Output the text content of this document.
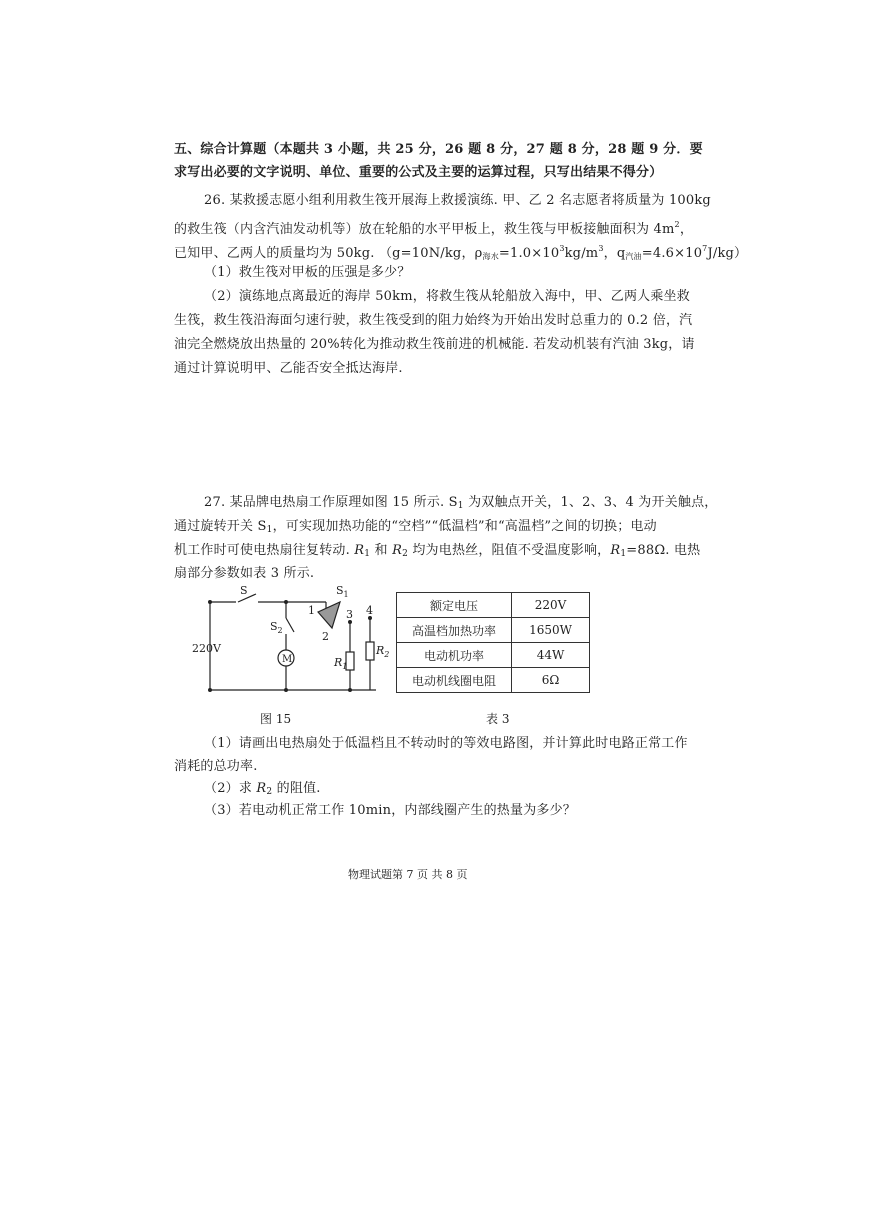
五、综合计算题（本题共 3 小题，共 25 分，26 题 8 分，27 题 8 分，28 题 9 分．要
求写出必要的文字说明、单位、重要的公式及主要的运算过程，只写出结果不得分）
26. 某救援志愿小组利用救生筏开展海上救援演练. 甲、乙 2 名志愿者将质量为 100kg
的救生筏（内含汽油发动机等）放在轮船的水平甲板上，救生筏与甲板接触面积为 $4m^2$，
已知甲、乙两人的质量均为 50kg. （g=10N/kg，$\rho_{海水}=1.0\times 10^3kg/m^3$，$q_{汽油}=4.6\times 10^7J/kg$）
（1）救生筏对甲板的压强是多少？
（2）演练地点离最近的海岸 50km，将救生筏从轮船放入海中，甲、乙两人乘坐救
生筏，救生筏沿海面匀速行驶，救生筏受到的阻力始终为开始出发时总重力的 0.2 倍，汽
油完全燃烧放出热量的 20%转化为推动救生筏前进的机械能. 若发动机装有汽油 3kg，请
通过计算说明甲、乙能否安全抵达海岸.
27. 某品牌电热扇工作原理如图 15 所示. $S_1$ 为双触点开关，1、2、3、4 为开关触点，
通过旋转开关 $S_1$，可实现加热功能的“空档”“低温档”和“高温档”之间的切换；电动
机工作时可使电热扇往复转动. $R_1$ 和 $R_2$ 均为电热丝，阻值不受温度影响，$R_1=88\Omega$. 电热
扇部分参数如表 3 所示.
S	$S_1$
$S_2$
M
220V
1
2
3 4
$R_1$
$R_2$
额定电压	220V
高温档加热功率	1650W
电动机功率	44W
电动机线圈电阻	6Ω
图 15	表 3
（1）请画出电热扇处于低温档且不转动时的等效电路图，并计算此时电路正常工作
消耗的总功率.
（2）求 $R_2$ 的阻值.
（3）若电动机正常工作 10min，内部线圈产生的热量为多少？
物理试题第 7 页 共 8 页
